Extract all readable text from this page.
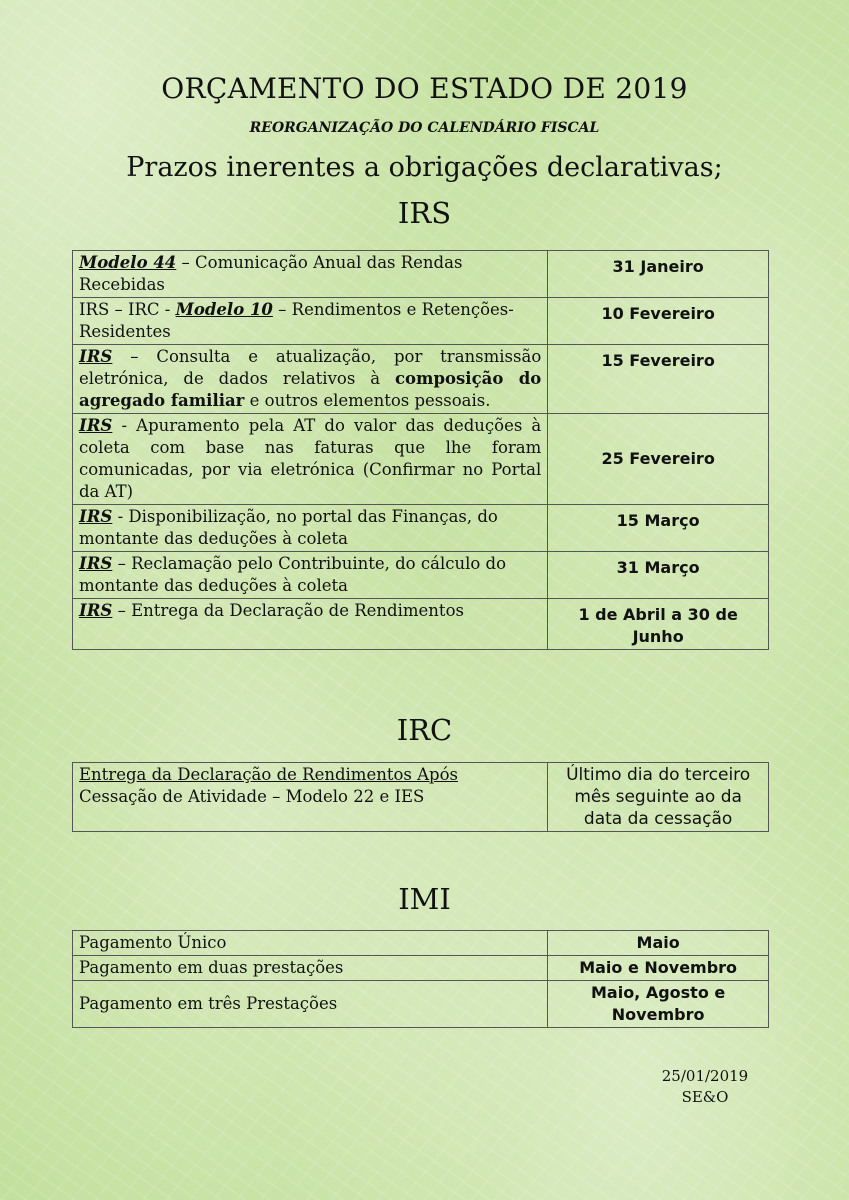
ORÇAMENTO DO ESTADO DE 2019
REORGANIZAÇÃO DO CALENDÁRIO FISCAL
Prazos inerentes a obrigações declarativas;
IRS
Modelo 44 – Comunicação Anual das Rendas Recebidas	31 Janeiro
IRS – IRC - Modelo 10 – Rendimentos e Retenções-Residentes	10 Fevereiro
IRS – Consulta e atualização, por transmissão eletrónica, de dados relativos à composição do agregado familiar e outros elementos pessoais.	15 Fevereiro
IRS - Apuramento pela AT do valor das deduções à coleta com base nas faturas que lhe foram comunicadas, por via eletrónica (Confirmar no Portal da AT)	25 Fevereiro
IRS - Disponibilização, no portal das Finanças, do montante das deduções à coleta	15 Março
IRS – Reclamação pelo Contribuinte, do cálculo do montante das deduções à coleta	31 Março
IRS – Entrega da Declaração de Rendimentos	1 de Abril a 30 de Junho
IRC
Entrega da Declaração de Rendimentos Após
Cessação de Atividade – Modelo 22 e IES	Último dia do terceiro mês seguinte ao da data da cessação
IMI
Pagamento Único	Maio
Pagamento em duas prestações	Maio e Novembro
Pagamento em três Prestações	Maio, Agosto e Novembro
25/01/2019
SE&O
